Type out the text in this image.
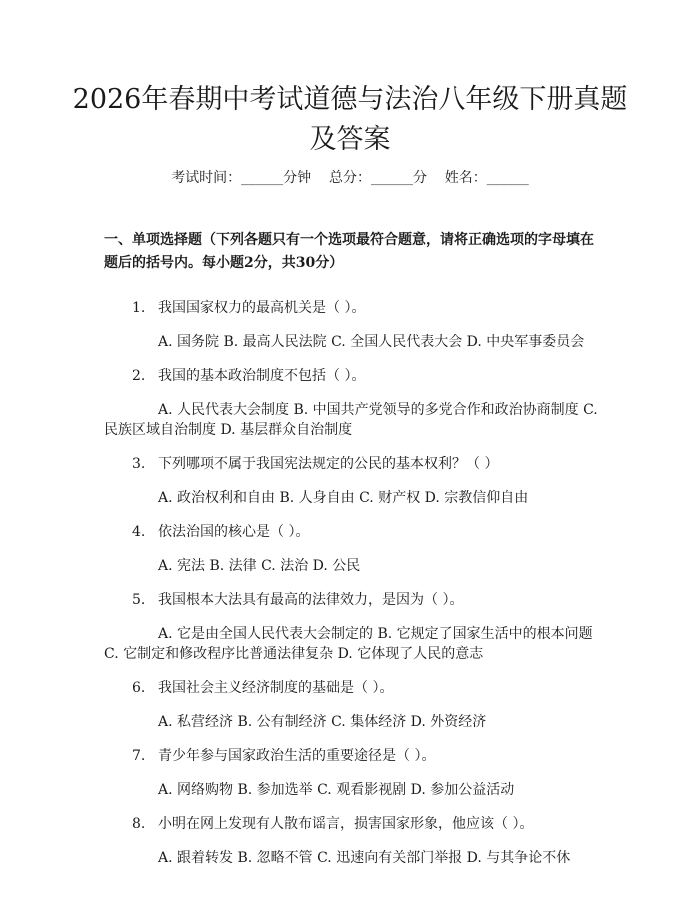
2026年春期中考试道德与法治八年级下册真题及答案
考试时间：______分钟    总分：______分    姓名：______
一、单项选择题（下列各题只有一个选项最符合题意，请将正确选项的字母填在题后的括号内。每小题2分，共30分）
1. 我国国家权力的最高机关是（ ）。
A. 国务院 B. 最高人民法院 C. 全国人民代表大会 D. 中央军事委员会
2. 我国的基本政治制度不包括（ ）。
A. 人民代表大会制度 B. 中国共产党领导的多党合作和政治协商制度 C. 民族区域自治制度 D. 基层群众自治制度
3. 下列哪项不属于我国宪法规定的公民的基本权利？（ ）
A. 政治权利和自由 B. 人身自由 C. 财产权 D. 宗教信仰自由
4. 依法治国的核心是（ ）。
A. 宪法 B. 法律 C. 法治 D. 公民
5. 我国根本大法具有最高的法律效力，是因为（ ）。
A. 它是由全国人民代表大会制定的 B. 它规定了国家生活中的根本问题 C. 它制定和修改程序比普通法律复杂 D. 它体现了人民的意志
6. 我国社会主义经济制度的基础是（ ）。
A. 私营经济 B. 公有制经济 C. 集体经济 D. 外资经济
7. 青少年参与国家政治生活的重要途径是（ ）。
A. 网络购物 B. 参加选举 C. 观看影视剧 D. 参加公益活动
8. 小明在网上发现有人散布谣言，损害国家形象，他应该（ ）。
A. 跟着转发 B. 忽略不管 C. 迅速向有关部门举报 D. 与其争论不休
